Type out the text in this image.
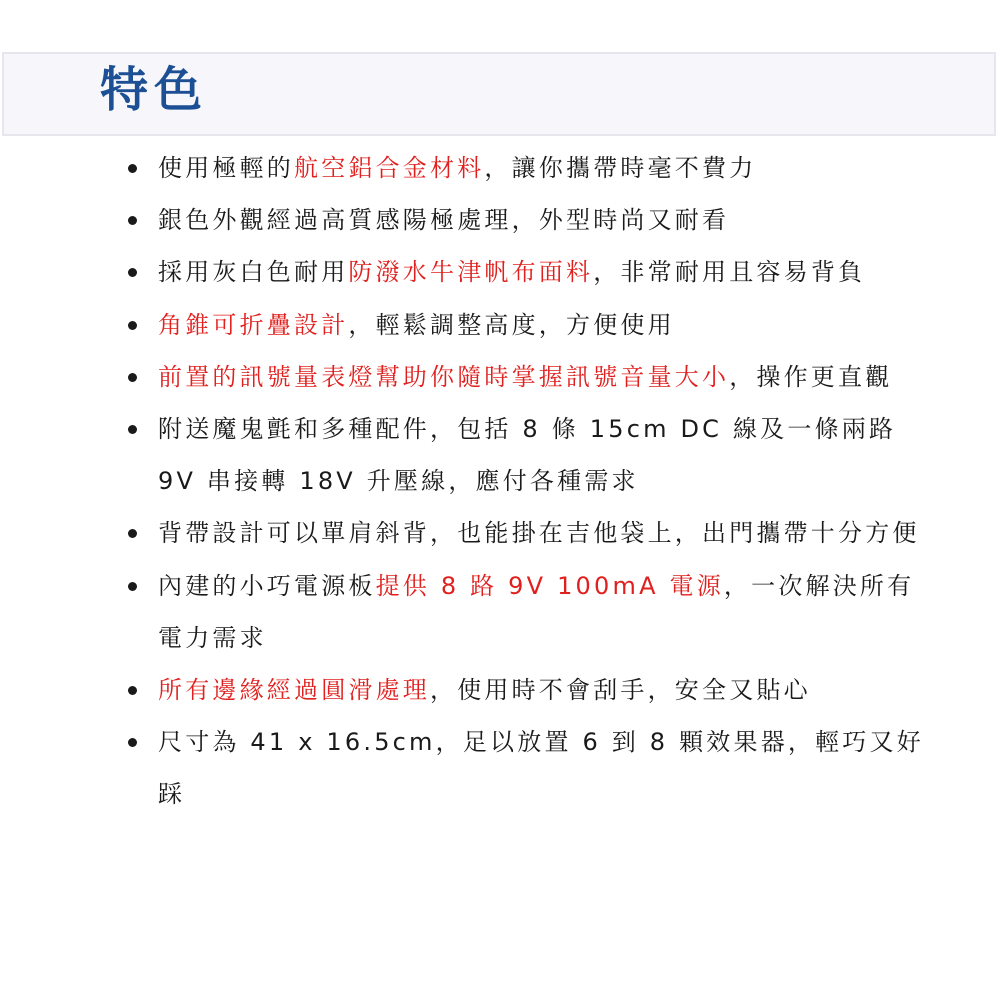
特色
使用極輕的航空鋁合金材料，讓你攜帶時毫不費力
銀色外觀經過高質感陽極處理，外型時尚又耐看
採用灰白色耐用防潑水牛津帆布面料，非常耐用且容易背負
角錐可折疊設計，輕鬆調整高度，方便使用
前置的訊號量表燈幫助你隨時掌握訊號音量大小，操作更直觀
附送魔鬼氈和多種配件，包括 8 條 15cm DC 線及一條兩路 9V 串接轉 18V 升壓線，應付各種需求
背帶設計可以單肩斜背，也能掛在吉他袋上，出門攜帶十分方便
內建的小巧電源板提供 8 路 9V 100mA 電源，一次解決所有電力需求
所有邊緣經過圓滑處理，使用時不會刮手，安全又貼心
尺寸為 41 x 16.5cm，足以放置 6 到 8 顆效果器，輕巧又好踩
